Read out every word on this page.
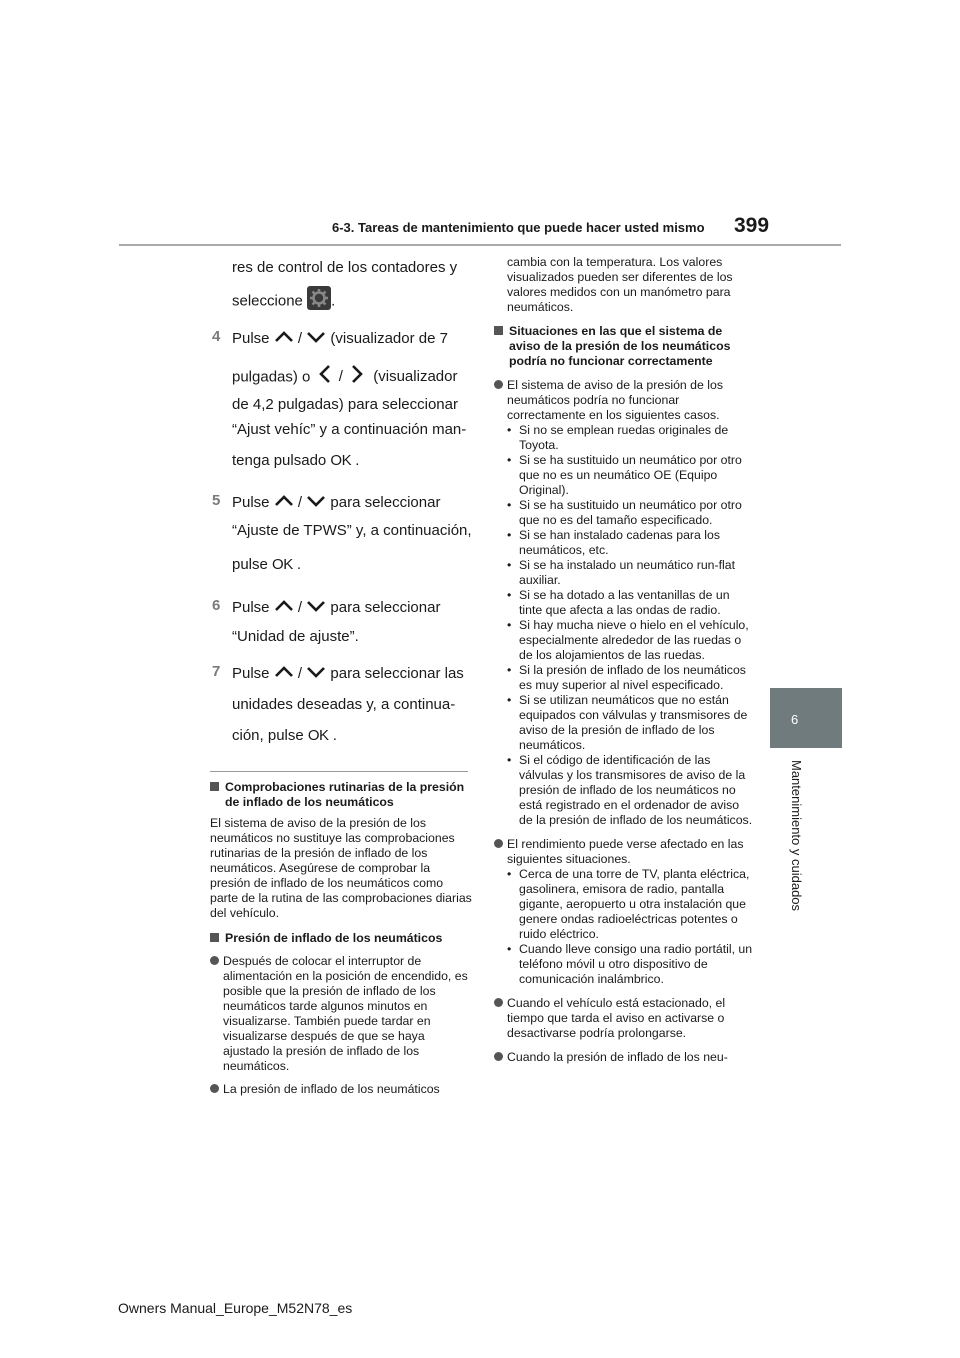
6-3. Tareas de mantenimiento que puede hacer usted mismo 399
6
Mantenimiento y cuidados
res de control de los contadores y
seleccione .
4 Pulse / (visualizador de 7
pulgadas) o / (visualizador
de 4,2 pulgadas) para seleccionar
“Ajust vehíc” y a continuación man-
tenga pulsado OK .
5 Pulse / para seleccionar
“Ajuste de TPWS” y, a continuación,
pulse OK .
6 Pulse / para seleccionar
“Unidad de ajuste”.
7 Pulse / para seleccionar las
unidades deseadas y, a continua-
ción, pulse OK .
Comprobaciones rutinarias de la presión de inflado de los neumáticos
El sistema de aviso de la presión de los neumáticos no sustituye las comprobaciones rutinarias de la presión de inflado de los neumáticos. Asegúrese de comprobar la presión de inflado de los neumáticos como parte de la rutina de las comprobaciones diarias del vehículo.
Presión de inflado de los neumáticos
Después de colocar el interruptor de alimentación en la posición de encendido, es posible que la presión de inflado de los neumáticos tarde algunos minutos en visualizarse. También puede tardar en visualizarse después de que se haya ajustado la presión de inflado de los neumáticos.
La presión de inflado de los neumáticos
cambia con la temperatura. Los valores visualizados pueden ser diferentes de los valores medidos con un manómetro para neumáticos.
Situaciones en las que el sistema de aviso de la presión de los neumáticos podría no funcionar correctamente
El sistema de aviso de la presión de los neumáticos podría no funcionar correctamente en los siguientes casos.
• Si no se emplean ruedas originales de Toyota.
• Si se ha sustituido un neumático por otro que no es un neumático OE (Equipo Original).
• Si se ha sustituido un neumático por otro que no es del tamaño especificado.
• Si se han instalado cadenas para los neumáticos, etc.
• Si se ha instalado un neumático run-flat auxiliar.
• Si se ha dotado a las ventanillas de un tinte que afecta a las ondas de radio.
• Si hay mucha nieve o hielo en el vehículo, especialmente alrededor de las ruedas o de los alojamientos de las ruedas.
• Si la presión de inflado de los neumáticos es muy superior al nivel especificado.
• Si se utilizan neumáticos que no están equipados con válvulas y transmisores de aviso de la presión de inflado de los neumáticos.
• Si el código de identificación de las válvulas y los transmisores de aviso de la presión de inflado de los neumáticos no está registrado en el ordenador de aviso de la presión de inflado de los neumáticos.
El rendimiento puede verse afectado en las siguientes situaciones.
• Cerca de una torre de TV, planta eléctrica, gasolinera, emisora de radio, pantalla gigante, aeropuerto u otra instalación que genere ondas radioeléctricas potentes o ruido eléctrico.
• Cuando lleve consigo una radio portátil, un teléfono móvil u otro dispositivo de comunicación inalámbrico.
Cuando el vehículo está estacionado, el tiempo que tarda el aviso en activarse o desactivarse podría prolongarse.
Cuando la presión de inflado de los neu-
Owners Manual_Europe_M52N78_es
